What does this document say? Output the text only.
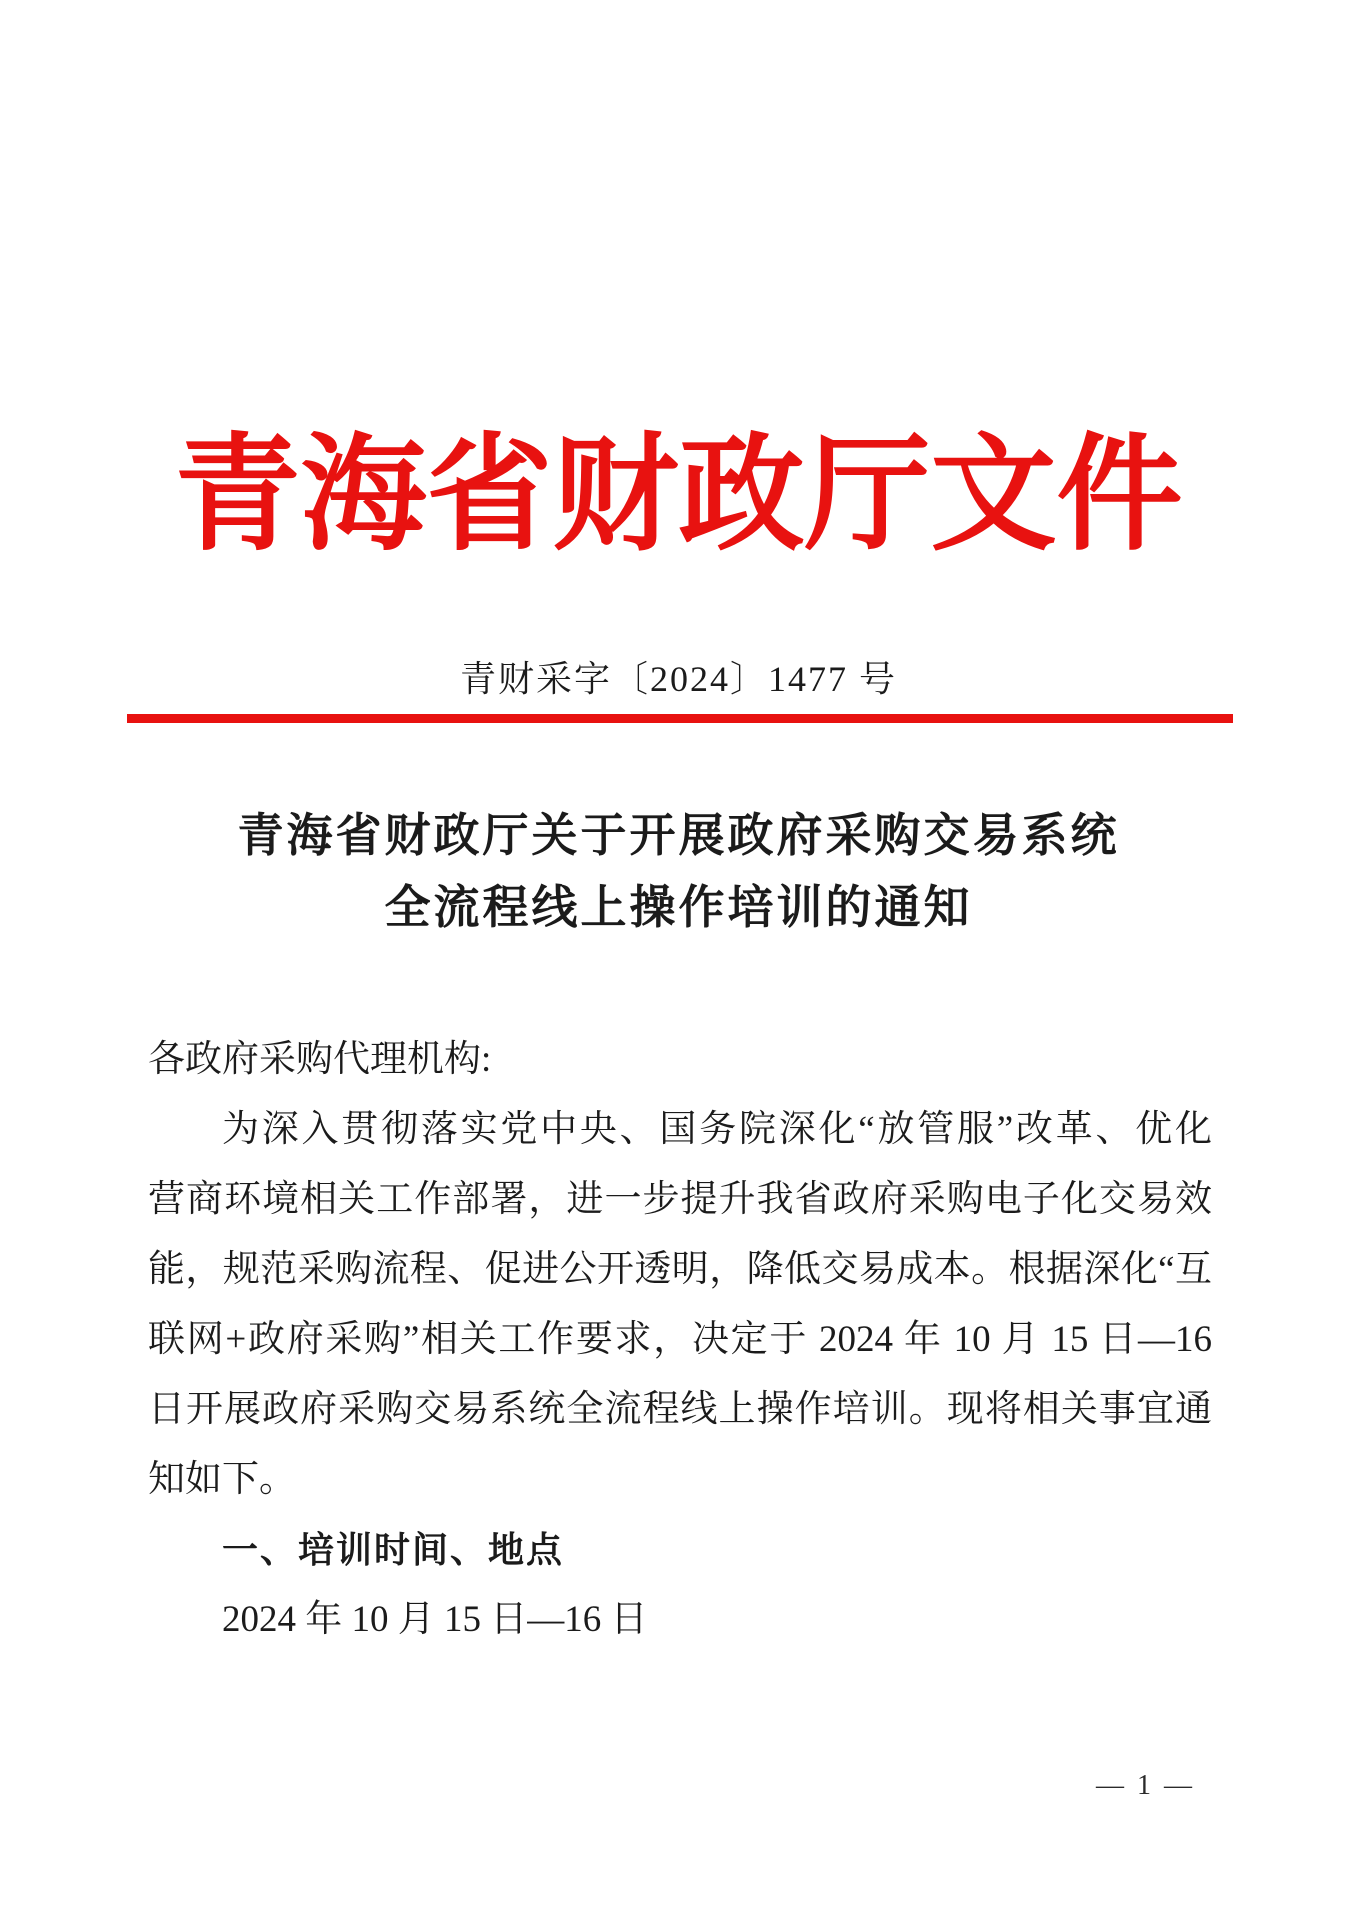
青海省财政厅文件
青财采字〔2024〕1477 号
青海省财政厅关于开展政府采购交易系统
全流程线上操作培训的通知
各政府采购代理机构:
为深入贯彻落实党中央、国务院深化“放管服”改革、优化
营商环境相关工作部署，进一步提升我省政府采购电子化交易效
能，规范采购流程、促进公开透明，降低交易成本。根据深化“互
联网+政府采购”相关工作要求，决定于 2024 年 10 月 15 日—16
日开展政府采购交易系统全流程线上操作培训。现将相关事宜通
知如下。
一、培训时间、地点
2024 年 10 月 15 日—16 日
— 1 —
